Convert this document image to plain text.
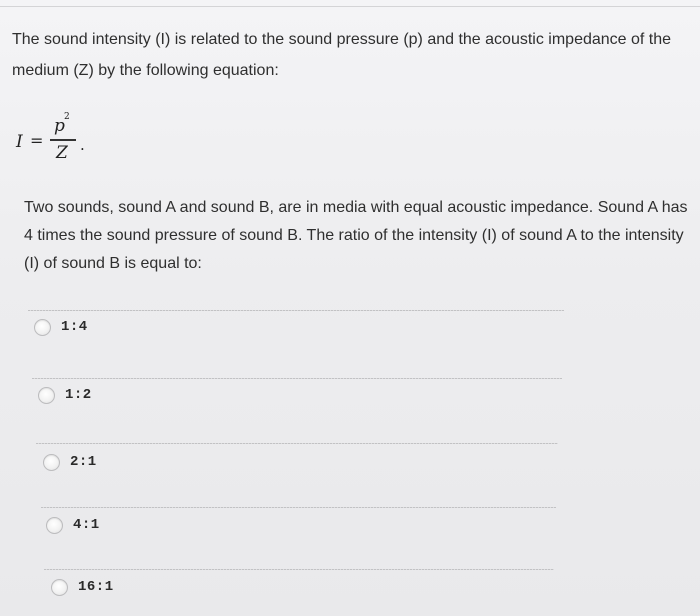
The sound intensity (I) is related to the sound pressure (p) and the acoustic impedance of the medium (Z) by the following equation:
I =
p 2
Z .
Two sounds, sound A and sound B, are in media with equal acoustic impedance. Sound A has 4 times the sound pressure of sound B. The ratio of the intensity (I) of sound A to the intensity (I) of sound B is equal to:
1:4
1:2
2:1
4:1
16:1
